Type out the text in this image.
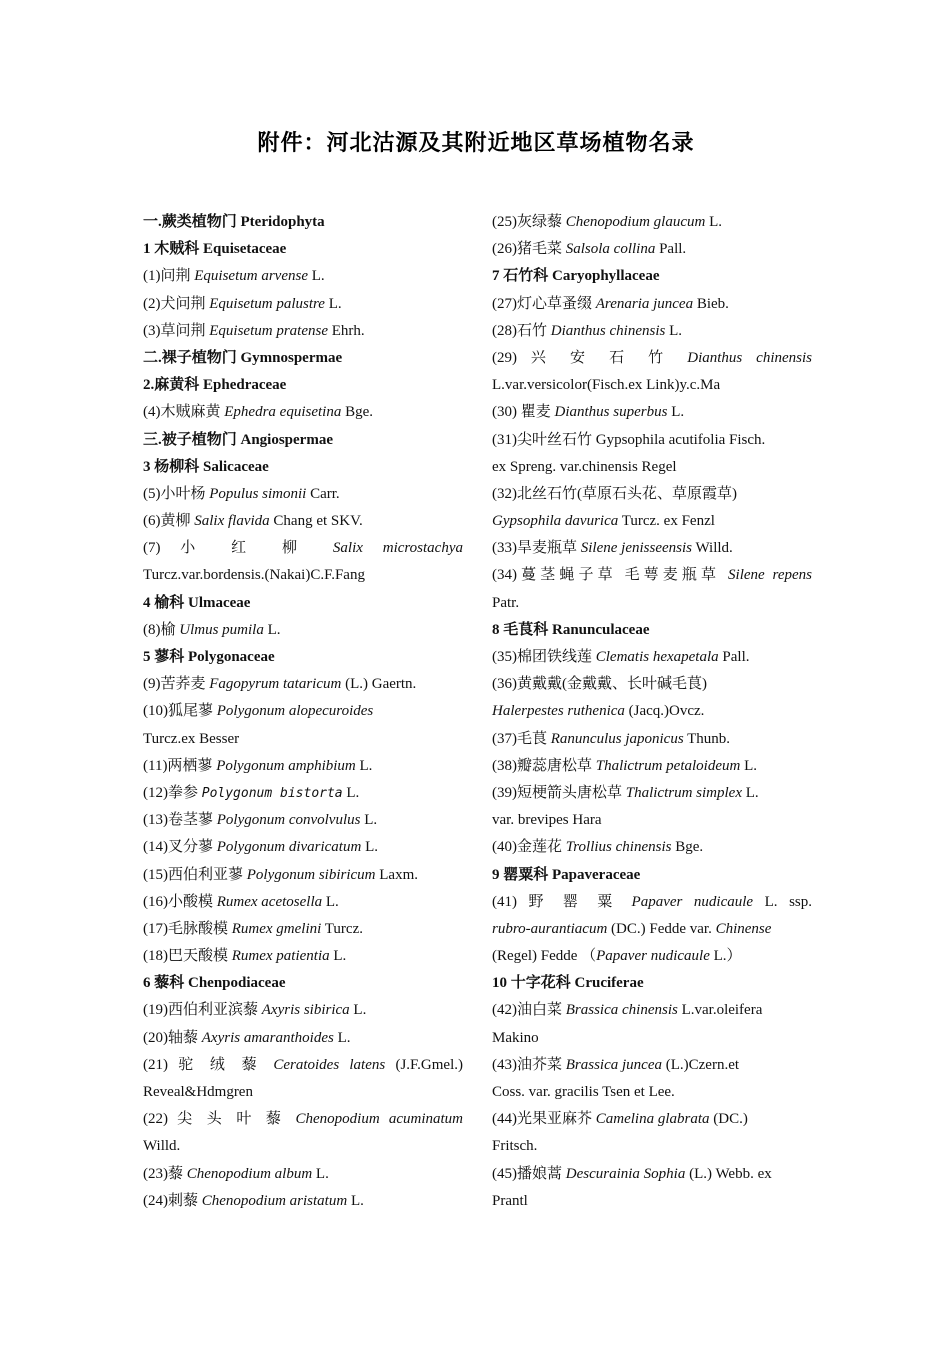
附件：河北沽源及其附近地区草场植物名录
一.蕨类植物门 Pteridophyta
1 木贼科 Equisetaceae
(1)问荆 Equisetum arvense L.
(2)犬问荆 Equisetum palustre L.
(3)草问荆 Equisetum pratense Ehrh.
二.裸子植物门 Gymnospermae
2.麻黄科 Ephedraceae
(4)木贼麻黄 Ephedra equisetina Bge.
三.被子植物门 Angiospermae
3 杨柳科 Salicaceae
(5)小叶杨 Populus simonii Carr.
(6)黄柳 Salix flavida Chang et SKV.
(7) 小 红 柳 Salix microstachya
Turcz.var.bordensis.(Nakai)C.F.Fang
4 榆科 Ulmaceae
(8)榆 Ulmus pumila L.
5 蓼科 Polygonaceae
(9)苦荞麦 Fagopyrum tataricum (L.) Gaertn.
(10)狐尾蓼 Polygonum alopecuroides
Turcz.ex Besser
(11)两栖蓼 Polygonum amphibium L.
(12)拳参 Polygonum bistorta L.
(13)卷茎蓼 Polygonum convolvulus L.
(14)叉分蓼 Polygonum divaricatum L.
(15)西伯利亚蓼 Polygonum sibiricum Laxm.
(16)小酸模 Rumex acetosella L.
(17)毛脉酸模 Rumex gmelini Turcz.
(18)巴天酸模 Rumex patientia L.
6 藜科 Chenpodiaceae
(19)西伯利亚滨藜 Axyris sibirica L.
(20)轴藜 Axyris amaranthoides L.
(21) 驼 绒 藜 Ceratoides latens (J.F.Gmel.)
Reveal&Hdmgren
(22) 尖 头 叶 藜 Chenopodium acuminatum
Willd.
(23)藜 Chenopodium album L.
(24)刺藜 Chenopodium aristatum L.
(25)灰绿藜 Chenopodium glaucum L.
(26)猪毛菜 Salsola collina Pall.
7 石竹科 Caryophyllaceae
(27)灯心草蚤缀 Arenaria juncea Bieb.
(28)石竹 Dianthus chinensis L.
(29) 兴 安 石 竹 Dianthus chinensis
L.var.versicolor(Fisch.ex Link)y.c.Ma
(30) 瞿麦 Dianthus superbus L.
(31)尖叶丝石竹 Gypsophila acutifolia Fisch.
ex Spreng. var.chinensis Regel
(32)北丝石竹(草原石头花、草原霞草)
Gypsophila davurica Turcz. ex Fenzl
(33)旱麦瓶草 Silene jenisseensis Willd.
(34)蔓茎蝇子草 毛萼麦瓶草 Silene repens
Patr.
8 毛茛科 Ranunculaceae
(35)棉团铁线莲 Clematis hexapetala Pall.
(36)黄戴戴(金戴戴、长叶碱毛茛)
Halerpestes ruthenica (Jacq.)Ovcz.
(37)毛茛 Ranunculus japonicus Thunb.
(38)瓣蕊唐松草 Thalictrum petaloideum L.
(39)短梗箭头唐松草 Thalictrum simplex L.
var. brevipes Hara
(40)金莲花 Trollius chinensis Bge.
9 罂粟科 Papaveraceae
(41) 野 罂 粟 Papaver nudicaule L. ssp.
rubro-aurantiacum (DC.) Fedde var. Chinense
(Regel) Fedde （Papaver nudicaule L.）
10 十字花科 Cruciferae
(42)油白菜 Brassica chinensis L.var.oleifera
Makino
(43)油芥菜 Brassica juncea (L.)Czern.et
Coss. var. gracilis Tsen et Lee.
(44)光果亚麻芥 Camelina glabrata (DC.)
Fritsch.
(45)播娘蒿 Descurainia Sophia (L.) Webb. ex
Prantl
